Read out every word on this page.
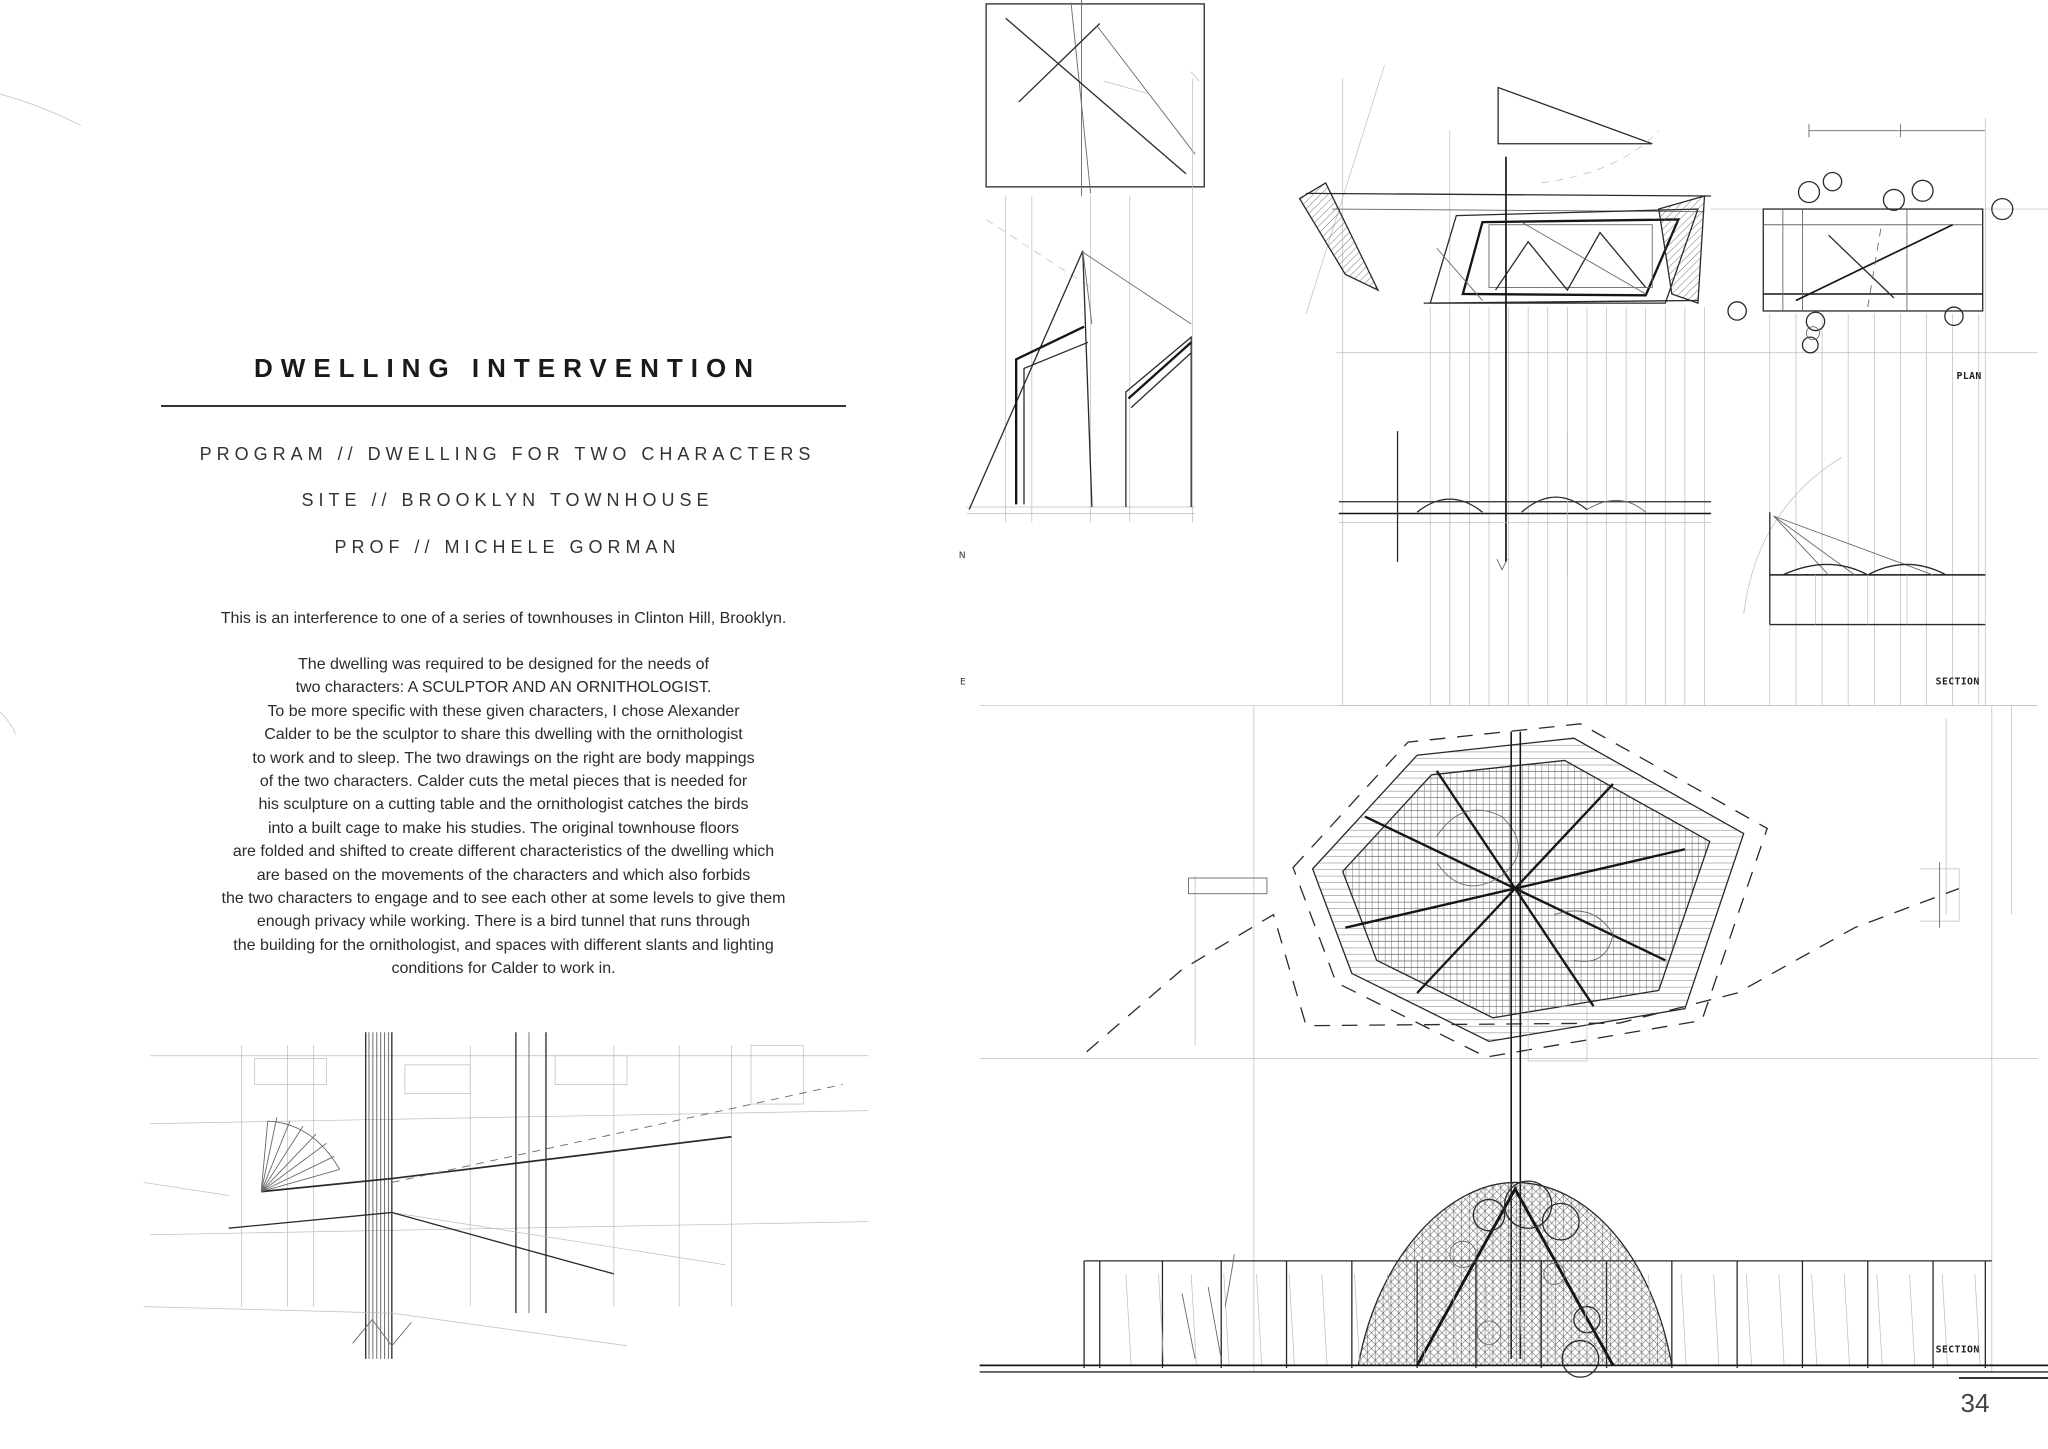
PLAN
SECTION
N
E
SECTION
DWELLING INTERVENTION
PROGRAM // DWELLING FOR TWO CHARACTERS
SITE // BROOKLYN TOWNHOUSE
PROF // MICHELE GORMAN
This is an interference to one of a series of townhouses in Clinton Hill, Brooklyn.
The dwelling was required to be designed for the needs of
two characters: A SCULPTOR AND AN ORNITHOLOGIST.
To be more specific with these given characters, I chose Alexander
Calder to be the sculptor to share this dwelling with the ornithologist
to work and to sleep. The two drawings on the right are body mappings
of the two characters. Calder cuts the metal pieces that is needed for
his sculpture on a cutting table and the ornithologist catches the birds
into a built cage to make his studies. The original townhouse floors
are folded and shifted to create different characteristics of the dwelling which
are based on the movements of the characters and which also forbids
the two characters to engage and to see each other at some levels to give them
enough privacy while working. There is a bird tunnel that runs through
the building for the ornithologist, and spaces with different slants and lighting
conditions for Calder to work in.
34
